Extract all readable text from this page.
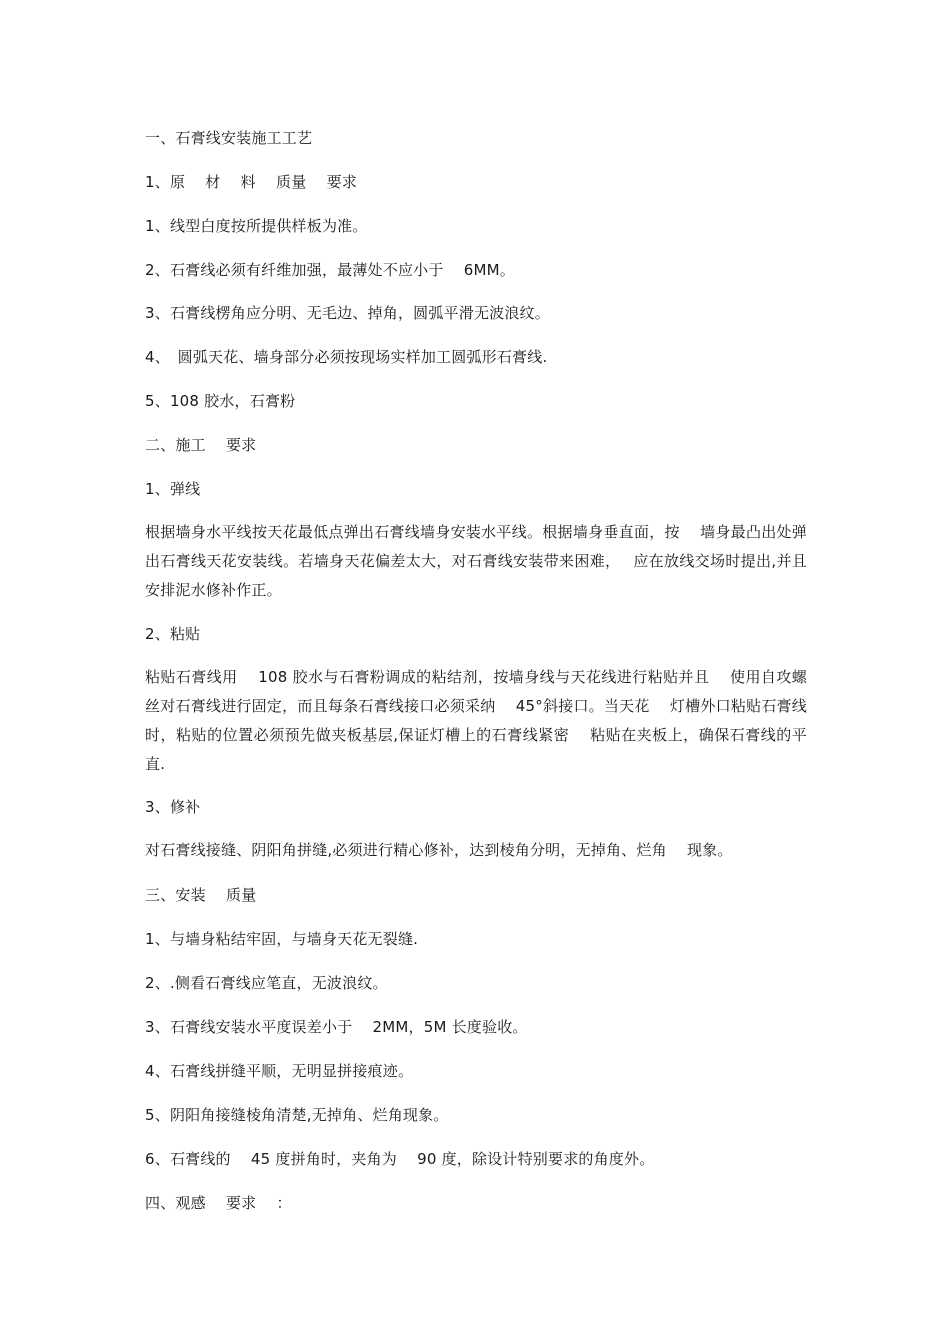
一、石膏线安装施工工艺
1、原　 材　 料　 质量　 要求
1、线型白度按所提供样板为准。
2、石膏线必须有纤维加强，最薄处不应小于　 6MM。
3、石膏线楞角应分明、无毛边、掉角，圆弧平滑无波浪纹。
4、　圆弧天花、墙身部分必须按现场实样加工圆弧形石膏线.
5、108 胶水，石膏粉
二、施工　 要求
1、弹线
根据墙身水平线按天花最低点弹出石膏线墙身安装水平线。根据墙身垂直面，按　 墙身最凸出处弹出石膏线天花安装线。若墙身天花偏差太大，对石膏线安装带来困难，　 应在放线交场时提出,并且安排泥水修补作正。
2、粘贴
粘贴石膏线用　 108 胶水与石膏粉调成的粘结剂，按墙身线与天花线进行粘贴并且　 使用自攻螺丝对石膏线进行固定，而且每条石膏线接口必须采纳　 45°斜接口。当天花　 灯槽外口粘贴石膏线时，粘贴的位置必须预先做夹板基层,保证灯槽上的石膏线紧密　 粘贴在夹板上，确保石膏线的平直.
3、修补
对石膏线接缝、阴阳角拼缝,必须进行精心修补，达到棱角分明，无掉角、烂角　 现象。
三、安装　 质量
1、与墙身粘结牢固，与墙身天花无裂缝.
2、.侧看石膏线应笔直，无波浪纹。
3、石膏线安装水平度误差小于　 2MM，5M 长度验收。
4、石膏线拼缝平顺，无明显拼接痕迹。
5、阴阳角接缝棱角清楚,无掉角、烂角现象。
6、石膏线的　 45 度拼角时，夹角为　 90 度，除设计特别要求的角度外。
四、观感　 要求　 ：
